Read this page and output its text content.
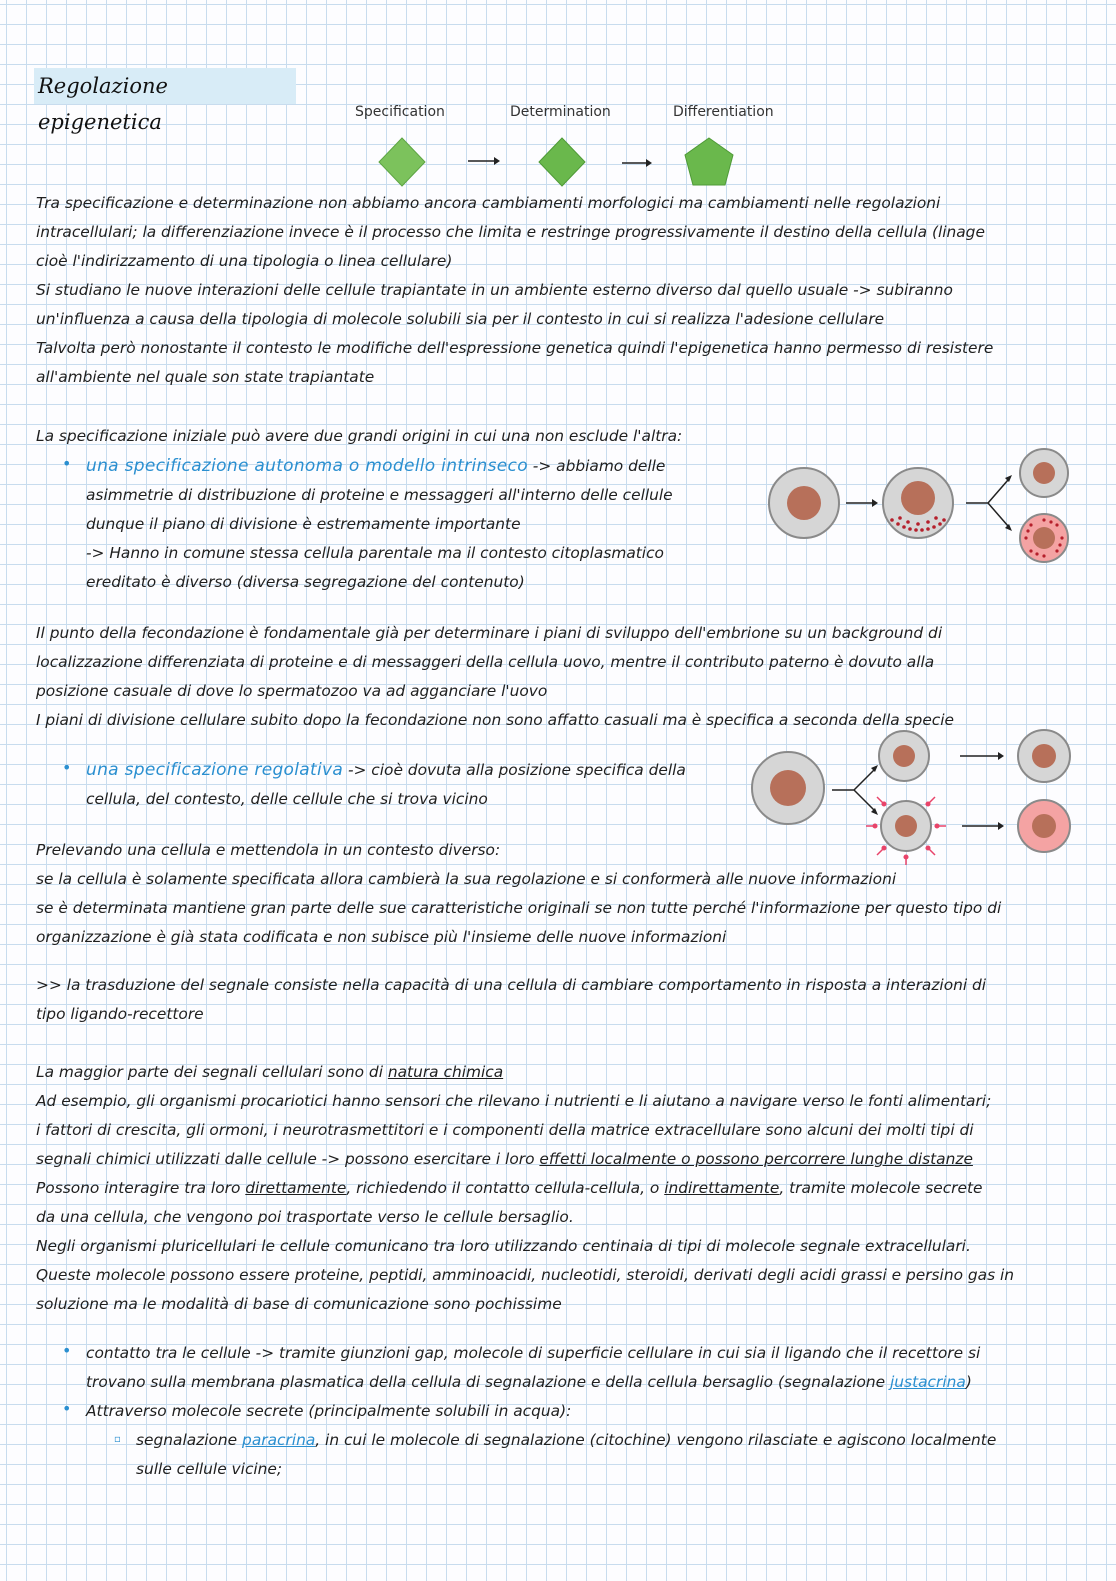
Regolazione epigenetica	Specification	Determination	Differentiation

Tra specificazione e determinazione non abbiamo ancora cambiamenti morfologici ma cambiamenti nelle regolazioni

intracellulari; la differenziazione invece è il processo che limita e restringe progressivamente il destino della cellula (linage

cioè l'indirizzamento di una tipologia o linea cellulare)

Si studiano le nuove interazioni delle cellule trapiantate in un ambiente esterno diverso dal quello usuale -> subiranno

un'influenza a causa della tipologia di molecole solubili sia per il contesto in cui si realizza l'adesione cellulare

Talvolta però nonostante il contesto le modifiche dell'espressione genetica quindi l'epigenetica hanno permesso di resistere

all'ambiente nel quale son state trapiantate

La specificazione iniziale può avere due grandi origini in cui una non esclude l'altra:

• una specificazione autonoma o modello intrinseco -> abbiamo delle

asimmetrie di distribuzione di proteine e messaggeri all'interno delle cellule

dunque il piano di divisione è estremamente importante

-> Hanno in comune stessa cellula parentale ma il contesto citoplasmatico

ereditato è diverso (diversa segregazione del contenuto)

Il punto della fecondazione è fondamentale già per determinare i piani di sviluppo dell'embrione su un background di

localizzazione differenziata di proteine e di messaggeri della cellula uovo, mentre il contributo paterno è dovuto alla

posizione casuale di dove lo spermatozoo va ad agganciare l'uovo

I piani di divisione cellulare subito dopo la fecondazione non sono affatto casuali ma è specifica a seconda della specie

• una specificazione regolativa -> cioè dovuta alla posizione specifica della

cellula, del contesto, delle cellule che si trova vicino

Prelevando una cellula e mettendola in un contesto diverso:

se la cellula è solamente specificata allora cambierà la sua regolazione e si conformerà alle nuove informazioni

se è determinata mantiene gran parte delle sue caratteristiche originali se non tutte perché l'informazione per questo tipo di

organizzazione è già stata codificata e non subisce più l'insieme delle nuove informazioni

>> la trasduzione del segnale consiste nella capacità di una cellula di cambiare comportamento in risposta a interazioni di

tipo ligando-recettore

La maggior parte dei segnali cellulari sono di natura chimica

Ad esempio, gli organismi procariotici hanno sensori che rilevano i nutrienti e li aiutano a navigare verso le fonti alimentari;

i fattori di crescita, gli ormoni, i neurotrasmettitori e i componenti della matrice extracellulare sono alcuni dei molti tipi di

segnali chimici utilizzati dalle cellule -> possono esercitare i loro effetti localmente o possono percorrere lunghe distanze

Possono interagire tra loro direttamente, richiedendo il contatto cellula-cellula, o indirettamente, tramite molecole secrete

da una cellula, che vengono poi trasportate verso le cellule bersaglio.

Negli organismi pluricellulari le cellule comunicano tra loro utilizzando centinaia di tipi di molecole segnale extracellulari.

Queste molecole possono essere proteine, peptidi, amminoacidi, nucleotidi, steroidi, derivati degli acidi grassi e persino gas in

soluzione ma le modalità di base di comunicazione sono pochissime

•
•
▫

contatto tra le cellule -> tramite giunzioni gap, molecole di superficie cellulare in cui sia il ligando che il recettore si

trovano sulla membrana plasmatica della cellula di segnalazione e della cellula bersaglio (segnalazione justacrina)

Attraverso molecole secrete (principalmente solubili in acqua):

segnalazione paracrina, in cui le molecole di segnalazione (citochine) vengono rilasciate e agiscono localmente

sulle cellule vicine;
